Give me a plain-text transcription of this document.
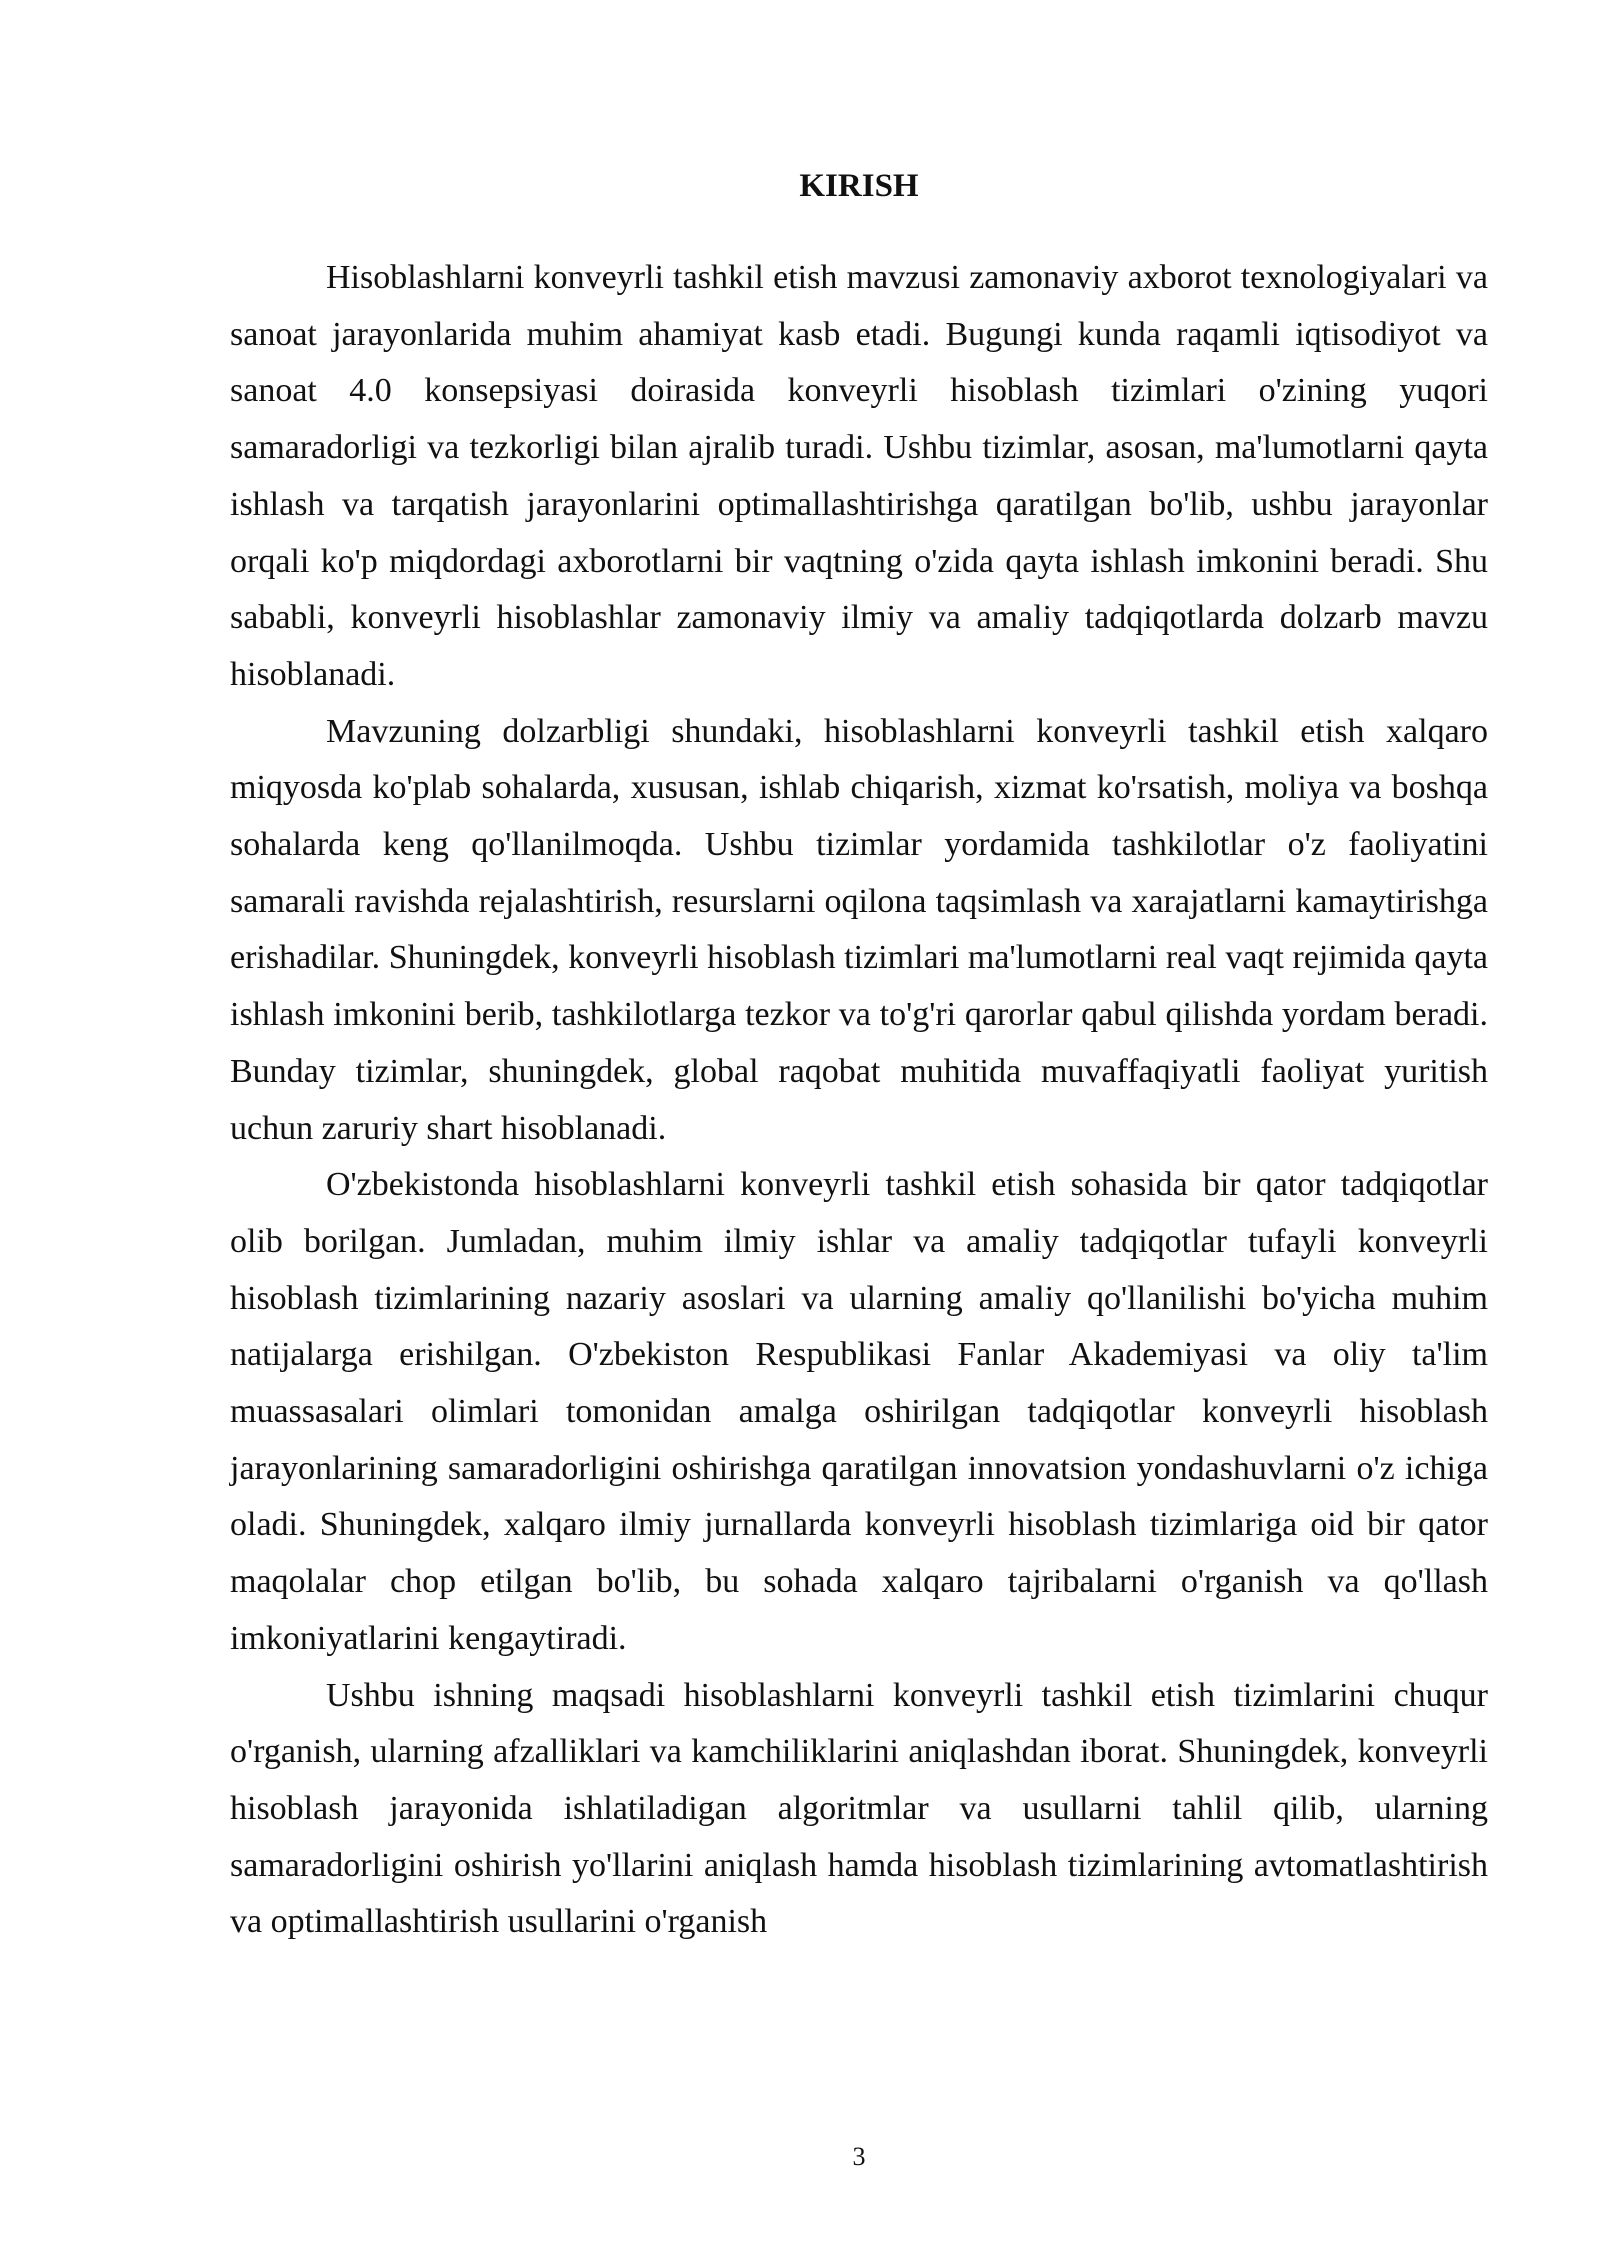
KIRISH

Hisoblashlarni konveyrli tashkil etish mavzusi zamonaviy axborot texnologiyalari va sanoat jarayonlarida muhim ahamiyat kasb etadi. Bugungi kunda raqamli iqtisodiyot va sanoat 4.0 konsepsiyasi doirasida konveyrli hisoblash tizimlari o'zining yuqori samaradorligi va tezkorligi bilan ajralib turadi. Ushbu tizimlar, asosan, ma'lumotlarni qayta ishlash va tarqatish jarayonlarini optimallashtirishga qaratilgan bo'lib, ushbu jarayonlar orqali ko'p miqdordagi axborotlarni bir vaqtning o'zida qayta ishlash imkonini beradi. Shu sababli, konveyrli hisoblashlar zamonaviy ilmiy va amaliy tadqiqotlarda dolzarb mavzu hisoblanadi.

Mavzuning dolzarbligi shundaki, hisoblashlarni konveyrli tashkil etish xalqaro miqyosda ko'plab sohalarda, xususan, ishlab chiqarish, xizmat ko'rsatish, moliya va boshqa sohalarda keng qo'llanilmoqda. Ushbu tizimlar yordamida tashkilotlar o'z faoliyatini samarali ravishda rejalashtirish, resurslarni oqilona taqsimlash va xarajatlarni kamaytirishga erishadilar. Shuningdek, konveyrli hisoblash tizimlari ma'lumotlarni real vaqt rejimida qayta ishlash imkonini berib, tashkilotlarga tezkor va to'g'ri qarorlar qabul qilishda yordam beradi. Bunday tizimlar, shuningdek, global raqobat muhitida muvaffaqiyatli faoliyat yuritish uchun zaruriy shart hisoblanadi.

O'zbekistonda hisoblashlarni konveyrli tashkil etish sohasida bir qator tadqiqotlar olib borilgan. Jumladan, muhim ilmiy ishlar va amaliy tadqiqotlar tufayli konveyrli hisoblash tizimlarining nazariy asoslari va ularning amaliy qo'llanilishi bo'yicha muhim natijalarga erishilgan. O'zbekiston Respublikasi Fanlar Akademiyasi va oliy ta'lim muassasalari olimlari tomonidan amalga oshirilgan tadqiqotlar konveyrli hisoblash jarayonlarining samaradorligini oshirishga qaratilgan innovatsion yondashuvlarni o'z ichiga oladi. Shuningdek, xalqaro ilmiy jurnallarda konveyrli hisoblash tizimlariga oid bir qator maqolalar chop etilgan bo'lib, bu sohada xalqaro tajribalarni o'rganish va qo'llash imkoniyatlarini kengaytiradi.

Ushbu ishning maqsadi hisoblashlarni konveyrli tashkil etish tizimlarini chuqur o'rganish, ularning afzalliklari va kamchiliklarini aniqlashdan iborat. Shuningdek, konveyrli hisoblash jarayonida ishlatiladigan algoritmlar va usullarni tahlil qilib, ularning samaradorligini oshirish yo'llarini aniqlash hamda hisoblash tizimlarining avtomatlashtirish va optimallashtirish usullarini o'rganish

3
